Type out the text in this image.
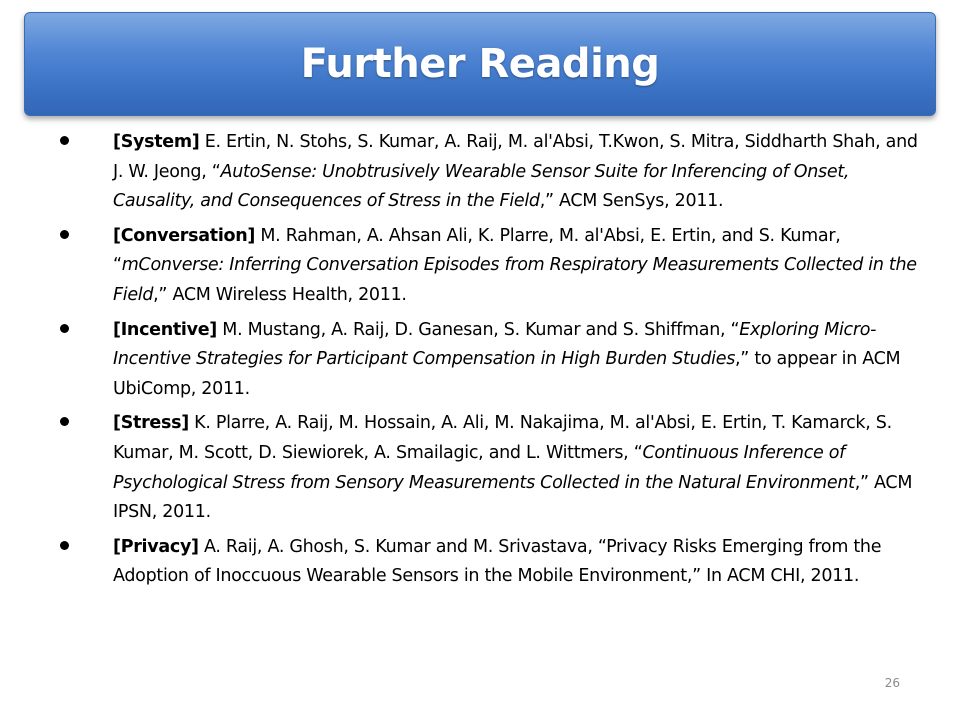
Further Reading
[System] E. Ertin, N. Stohs, S. Kumar, A. Raij, M. al'Absi, T.Kwon, S. Mitra, Siddharth Shah, and J. W. Jeong, “AutoSense: Unobtrusively Wearable Sensor Suite for Inferencing of Onset, Causality, and Consequences of Stress in the Field,” ACM SenSys, 2011.
[Conversation] M. Rahman, A. Ahsan Ali, K. Plarre, M. al'Absi, E. Ertin, and S. Kumar, “mConverse: Inferring Conversation Episodes from Respiratory Measurements Collected in the Field,” ACM Wireless Health, 2011.
[Incentive] M. Mustang, A. Raij, D. Ganesan, S. Kumar and S. Shiffman, “Exploring Micro-Incentive Strategies for Participant Compensation in High Burden Studies,” to appear in ACM UbiComp, 2011.
[Stress] K. Plarre, A. Raij, M. Hossain, A. Ali, M. Nakajima, M. al'Absi, E. Ertin, T. Kamarck, S. Kumar, M. Scott, D. Siewiorek, A. Smailagic, and L. Wittmers, “Continuous Inference of Psychological Stress from Sensory Measurements Collected in the Natural Environment,” ACM IPSN, 2011.
[Privacy] A. Raij, A. Ghosh, S. Kumar and M. Srivastava, “Privacy Risks Emerging from the Adoption of Inoccuous Wearable Sensors in the Mobile Environment,” In ACM CHI, 2011.
26
